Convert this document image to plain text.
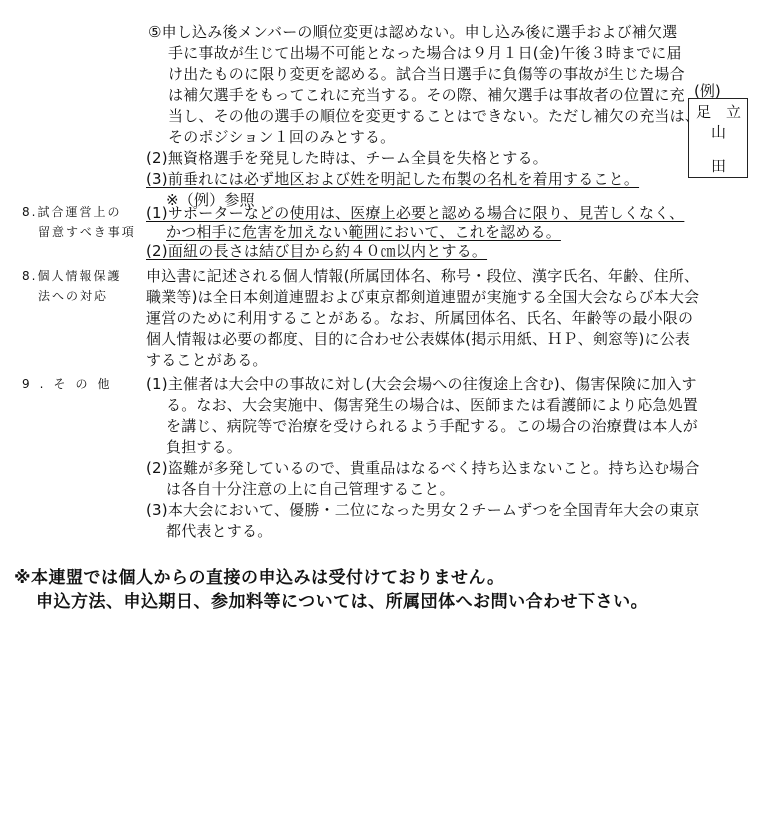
⑤申し込み後メンバーの順位変更は認めない。申し込み後に選手および補欠選
手に事故が生じて出場不可能となった場合は９月１日(金)午後３時までに届
け出たものに限り変更を認める。試合当日選手に負傷等の事故が生じた場合
は補欠選手をもってこれに充当する。その際、補欠選手は事故者の位置に充
当し、その他の選手の順位を変更することはできない。ただし補欠の充当は、
そのポジション１回のみとする。
(2)無資格選手を発見した時は、チーム全員を失格とする。
(3)前垂れには必ず地区および姓を明記した布製の名札を着用すること。
※（例）参照
(例)
足 立
山
田
8.試合運営上の
留意すべき事項
(1)サポーターなどの使用は、医療上必要と認める場合に限り、見苦しくなく、
かつ相手に危害を加えない範囲において、これを認める。
(2)面紐の長さは結び目から約４０㎝以内とする。
8.個人情報保護
法への対応
申込書に記述される個人情報(所属団体名、称号・段位、漢字氏名、年齢、住所、
職業等)は全日本剣道連盟および東京都剣道連盟が実施する全国大会ならび本大会
運営のために利用することがある。なお、所属団体名、氏名、年齢等の最小限の
個人情報は必要の都度、目的に合わせ公表媒体(掲示用紙、ＨＰ、剣窓等)に公表
することがある。
9.その他 (1)主催者は大会中の事故に対し(大会会場への往復途上含む)、傷害保険に加入す
る。なお、大会実施中、傷害発生の場合は、医師または看護師により応急処置
を講じ、病院等で治療を受けられるよう手配する。この場合の治療費は本人が
負担する。
(2)盗難が多発しているので、貴重品はなるべく持ち込まないこと。持ち込む場合
は各自十分注意の上に自己管理すること。
(3)本大会において、優勝・二位になった男女２チームずつを全国青年大会の東京
都代表とする。
※本連盟では個人からの直接の申込みは受付けておりません。
申込方法、申込期日、参加料等については、所属団体へお問い合わせ下さい。
